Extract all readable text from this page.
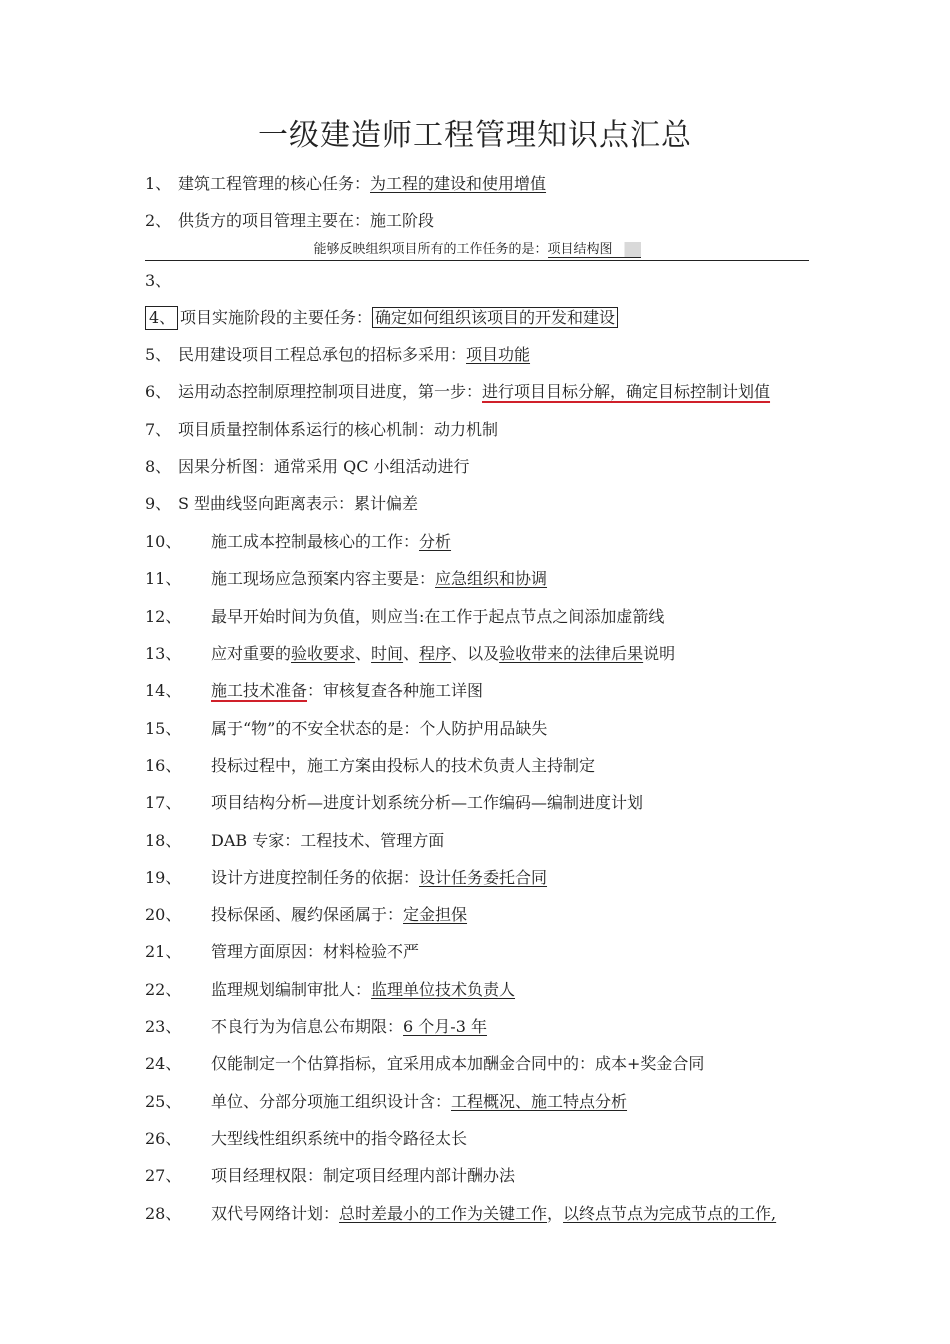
一级建造师工程管理知识点汇总
1、 建筑工程管理的核心任务：为工程的建设和使用增值
2、 供货方的项目管理主要在：施工阶段
能够反映组织项目所有的工作任务的是：项目结构图
3、
4、 项目实施阶段的主要任务： 确定如何组织该项目的开发和建设
5、 民用建设项目工程总承包的招标多采用：项目功能
6、 运用动态控制原理控制项目进度，第一步：进行项目目标分解，确定目标控制计划值
7、 项目质量控制体系运行的核心机制：动力机制
8、 因果分析图：通常采用 QC 小组活动进行
9、 S 型曲线竖向距离表示：累计偏差
10、 施工成本控制最核心的工作：分析
11、 施工现场应急预案内容主要是：应急组织和协调
12、 最早开始时间为负值，则应当:在工作于起点节点之间添加虚箭线
13、 应对重要的验收要求、时间、程序、以及验收带来的法律后果说明
14、 施工技术准备：审核复查各种施工详图
15、 属于“物”的不安全状态的是：个人防护用品缺失
16、 投标过程中，施工方案由投标人的技术负责人主持制定
17、 项目结构分析—进度计划系统分析—工作编码—编制进度计划
18、 DAB 专家：工程技术、管理方面
19、 设计方进度控制任务的依据：设计任务委托合同
20、 投标保函、履约保函属于：定金担保
21、 管理方面原因：材料检验不严
22、 监理规划编制审批人：监理单位技术负责人
23、 不良行为为信息公布期限：6 个月-3 年
24、 仅能制定一个估算指标，宜采用成本加酬金合同中的：成本+奖金合同
25、 单位、分部分项施工组织设计含：工程概况、施工特点分析
26、 大型线性组织系统中的指令路径太长
27、 项目经理权限：制定项目经理内部计酬办法
28、 双代号网络计划：总时差最小的工作为关键工作，以终点节点为完成节点的工作,
